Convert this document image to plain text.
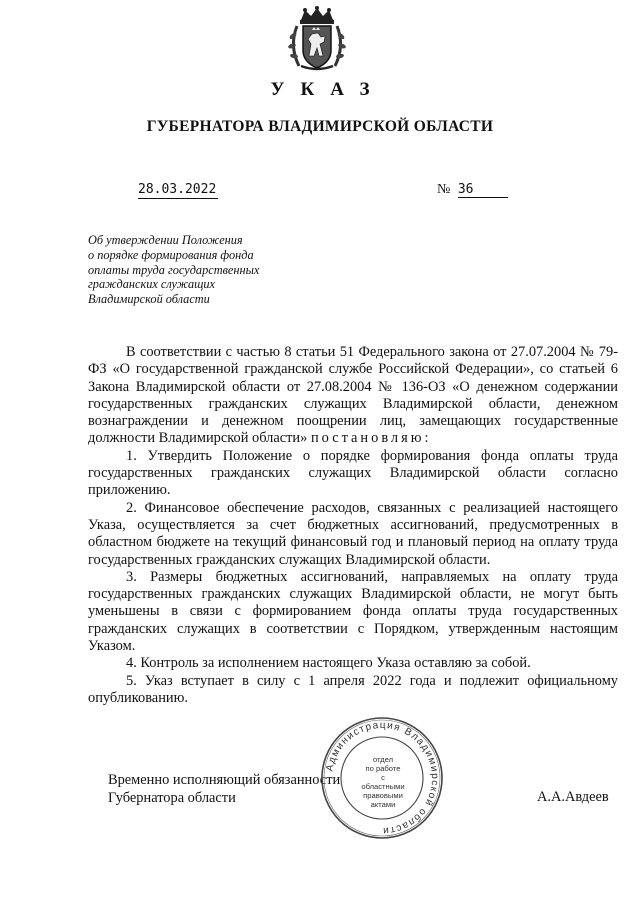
УКАЗ
ГУБЕРНАТОРА ВЛАДИМИРСКОЙ ОБЛАСТИ
28.03.2022	№ 36
Об утверждении Положения
о порядке формирования фонда
оплаты труда государственных
гражданских служащих
Владимирской области

В соответствии с частью 8 статьи 51 Федерального закона от 27.07.2004 № 79-ФЗ «О государственной гражданской службе Российской Федерации», со статьей 6 Закона Владимирской области от 27.08.2004 № 136-ОЗ «О денежном содержании государственных гражданских служащих Владимирской области, денежном вознаграждении и денежном поощрении лиц, замещающих государственные должности Владимирской области» постановляю:

1. Утвердить Положение о порядке формирования фонда оплаты труда государственных гражданских служащих Владимирской области согласно приложению.

2. Финансовое обеспечение расходов, связанных с реализацией настоящего Указа, осуществляется за счет бюджетных ассигнований, предусмотренных в областном бюджете на текущий финансовый год и плановый период на оплату труда государственных гражданских служащих Владимирской области.

3. Размеры бюджетных ассигнований, направляемых на оплату труда государственных гражданских служащих Владимирской области, не могут быть уменьшены в связи с формированием фонда оплаты труда государственных гражданских служащих в соответствии с Порядком, утвержденным настоящим Указом.

4. Контроль за исполнением настоящего Указа оставляю за собой.

5. Указ вступает в силу с 1 апреля 2022 года и подлежит официальному опубликованию.

Временно исполняющий обязанности
Губернатора области	А.А.Авдеев
Администрация Владимирской области
отдел
по работе
с областными
правовыми
актами
